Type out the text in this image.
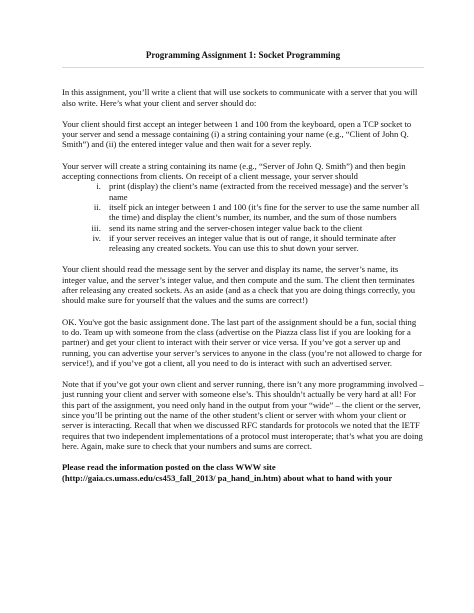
Programming Assignment 1: Socket Programming

In this assignment, you’ll write a client that will use sockets to communicate with a server that you will also write. Here’s what your client and server should do:

Your client should first accept an integer between 1 and 100 from the keyboard, open a TCP socket to your server and send a message containing (i) a string containing your name (e.g., “Client of John Q. Smith”) and (ii) the entered integer value and then wait for a sever reply.

Your server will create a string containing its name (e.g., “Server of John Q. Smith”) and then begin accepting connections from clients. On receipt of a client message, your server should

i. print (display) the client’s name (extracted from the received message) and the server’s name
ii. itself pick an integer between 1 and 100 (it’s fine for the server to use the same number all the time) and display the client’s number, its number, and the sum of those numbers
iii. send its name string and the server-chosen integer value back to the client
iv. if your server receives an integer value that is out of range, it should terminate after releasing any created sockets. You can use this to shut down your server.

Your client should read the message sent by the server and display its name, the server’s name, its integer value, and the server’s integer value, and then compute and the sum. The client then terminates after releasing any created sockets. As an aside (and as a check that you are doing things correctly, you should make sure for yourself that the values and the sums are correct!)

OK. You've got the basic assignment done. The last part of the assignment should be a fun, social thing to do. Team up with someone from the class (advertise on the Piazza class list if you are looking for a partner) and get your client to interact with their server or vice versa. If you’ve got a server up and running, you can advertise your server’s services to anyone in the class (you’re not allowed to charge for service!), and if you’ve got a client, all you need to do is interact with such an advertised server.

Note that if you’ve got your own client and server running, there isn’t any more programming involved – just running your client and server with someone else’s. This shouldn’t actually be very hard at all! For this part of the assignment, you need only hand in the output from your “wide” – the client or the server, since you’ll be printing out the name of the other student’s client or server with whom your client or server is interacting. Recall that when we discussed RFC standards for protocols we noted that the IETF requires that two independent implementations of a protocol must interoperate; that’s what you are doing here. Again, make sure to check that your numbers and sums are correct.

Please read the information posted on the class WWW site (http://gaia.cs.umass.edu/cs453_fall_2013/ pa_hand_in.htm) about what to hand with your
